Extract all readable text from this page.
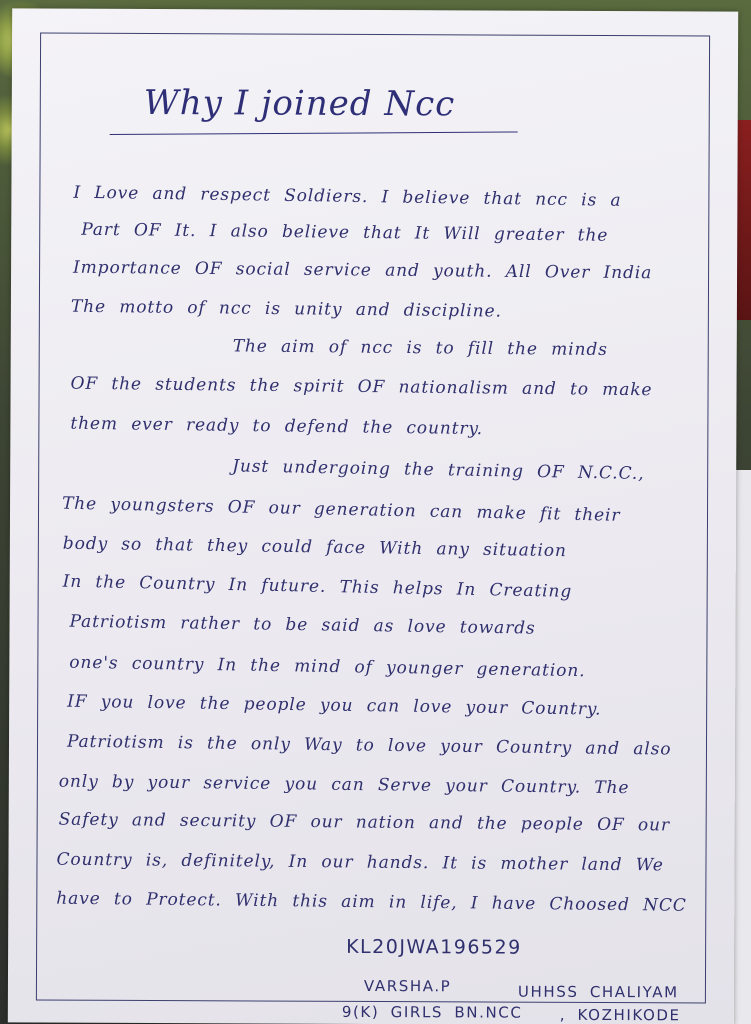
Why I joined Ncc
I Love and respect Soldiers. I believe that ncc is a
Part OF It. I also believe that It Will greater the
Importance OF social service and youth. All Over India
The motto of ncc is unity and discipline.
The aim of ncc is to fill the minds
OF the students the spirit OF nationalism and to make
them ever ready to defend the country.
Just undergoing the training OF N.C.C.,
The youngsters OF our generation can make fit their
body so that they could face With any situation
In the Country In future. This helps In Creating
Patriotism rather to be said as love towards
one's country In the mind of younger generation.
IF you love the people you can love your Country.
Patriotism is the only Way to love your Country and also
only by your service you can Serve your Country. The
Safety and security OF our nation and the people OF our
Country is, definitely, In our hands. It is mother land We
have to Protect. With this aim in life, I have Choosed NCC
KL20JWA196529
VARSHA.P	UHHSS CHALIYAM
9(K) GIRLS BN.NCC , KOZHIKODE
